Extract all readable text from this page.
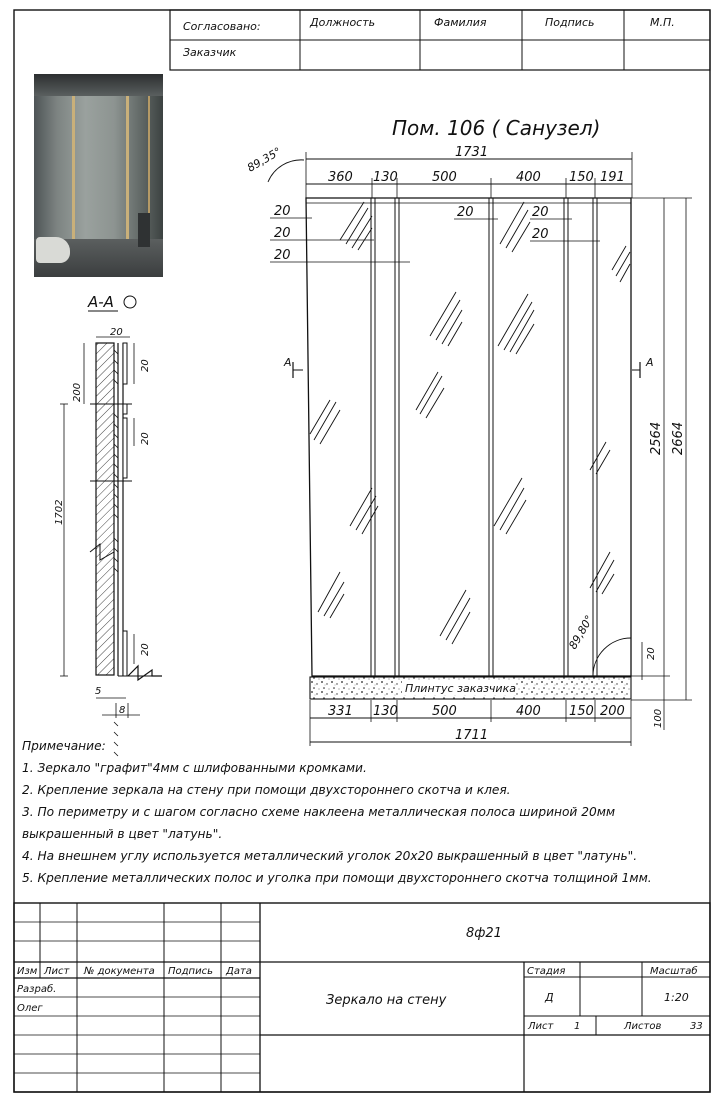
Согласовано:
Заказчик
Должность	Фамилия	Подпись	М.П.
А-А
20
200
20
20
1702
20
5
8
Пом. 106 ( Санузел)
89,35°	1731
360 130	500	400 150 191
20
20
20
20	20
20
А	А
2564 2664
89,80°
20
Плинтус заказчика
331 130	500	400 150 200
1711
100
8ф21
Зеркало на стену
Изм Лист № документа Подпись Дата
Разраб.
Олег
Стадия	Масштаб
Д	1:20
Лист 1	Листов	33

Примечание:

1. Зеркало "графит"4мм с шлифованными кромками.

2. Крепление зеркала на стену при помощи двухстороннего скотча и клея.

3. По периметру и с шагом согласно схеме наклеена металлическая полоса шириной 20мм выкрашенный в цвет "латунь".

4. На внешнем углу используется металлический уголок 20х20 выкрашенный в цвет "латунь".

5. Крепление металлических полос и уголка при помощи двухстороннего скотча толщиной 1мм.
